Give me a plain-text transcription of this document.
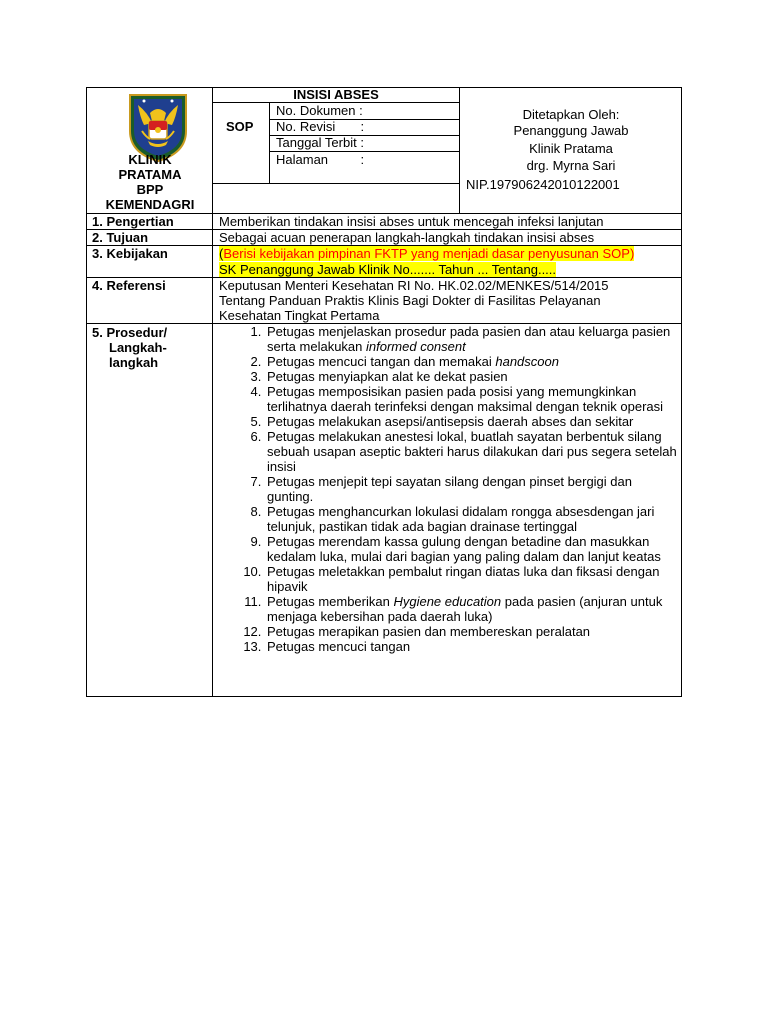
KLINIK
PRATAMA
BPP
KEMENDAGRI
INSISI ABSES
SOP
No. Dokumen :
No. Revisi       :
Tanggal Terbit :
Halaman         :
Ditetapkan Oleh:
Penanggung Jawab
Klinik Pratama
drg. Myrna Sari
NIP.197906242010122001
1. Pengertian	Memberikan tindakan insisi abses untuk mencegah infeksi lanjutan
2. Tujuan	Sebagai acuan penerapan langkah-langkah tindakan insisi abses
3. Kebijakan	(Berisi kebijakan pimpinan FKTP yang menjadi dasar penyusunan SOP)
SK Penanggung Jawab Klinik No....... Tahun ... Tentang.....
4. Referensi	Keputusan Menteri Kesehatan RI No. HK.02.02/MENKES/514/2015
Tentang Panduan Praktis Klinis Bagi Dokter di Fasilitas Pelayanan
Kesehatan Tingkat Pertama
5. Prosedur/
Langkah-
langkah
1. Petugas menjelaskan prosedur pada pasien dan atau keluarga pasien serta melakukan informed consent
2. Petugas mencuci tangan dan memakai handscoon
3. Petugas menyiapkan alat ke dekat pasien
4. Petugas memposisikan pasien pada posisi yang memungkinkan terlihatnya daerah terinfeksi dengan maksimal dengan teknik operasi
5. Petugas melakukan asepsi/antisepsis daerah abses dan sekitar
6. Petugas melakukan anestesi lokal, buatlah sayatan berbentuk silang sebuah usapan aseptic bakteri harus dilakukan dari pus segera setelah insisi
7. Petugas menjepit tepi sayatan silang dengan pinset bergigi dan gunting.
8. Petugas menghancurkan lokulasi didalam rongga absesdengan jari telunjuk, pastikan tidak ada bagian drainase tertinggal
9. Petugas merendam kassa gulung dengan betadine dan masukkan kedalam luka, mulai dari bagian yang paling dalam dan lanjut keatas
10. Petugas meletakkan pembalut ringan diatas luka dan fiksasi dengan hipavik
11. Petugas memberikan Hygiene education pada pasien (anjuran untuk menjaga kebersihan pada daerah luka)
12. Petugas merapikan pasien dan membereskan peralatan
13. Petugas mencuci tangan
